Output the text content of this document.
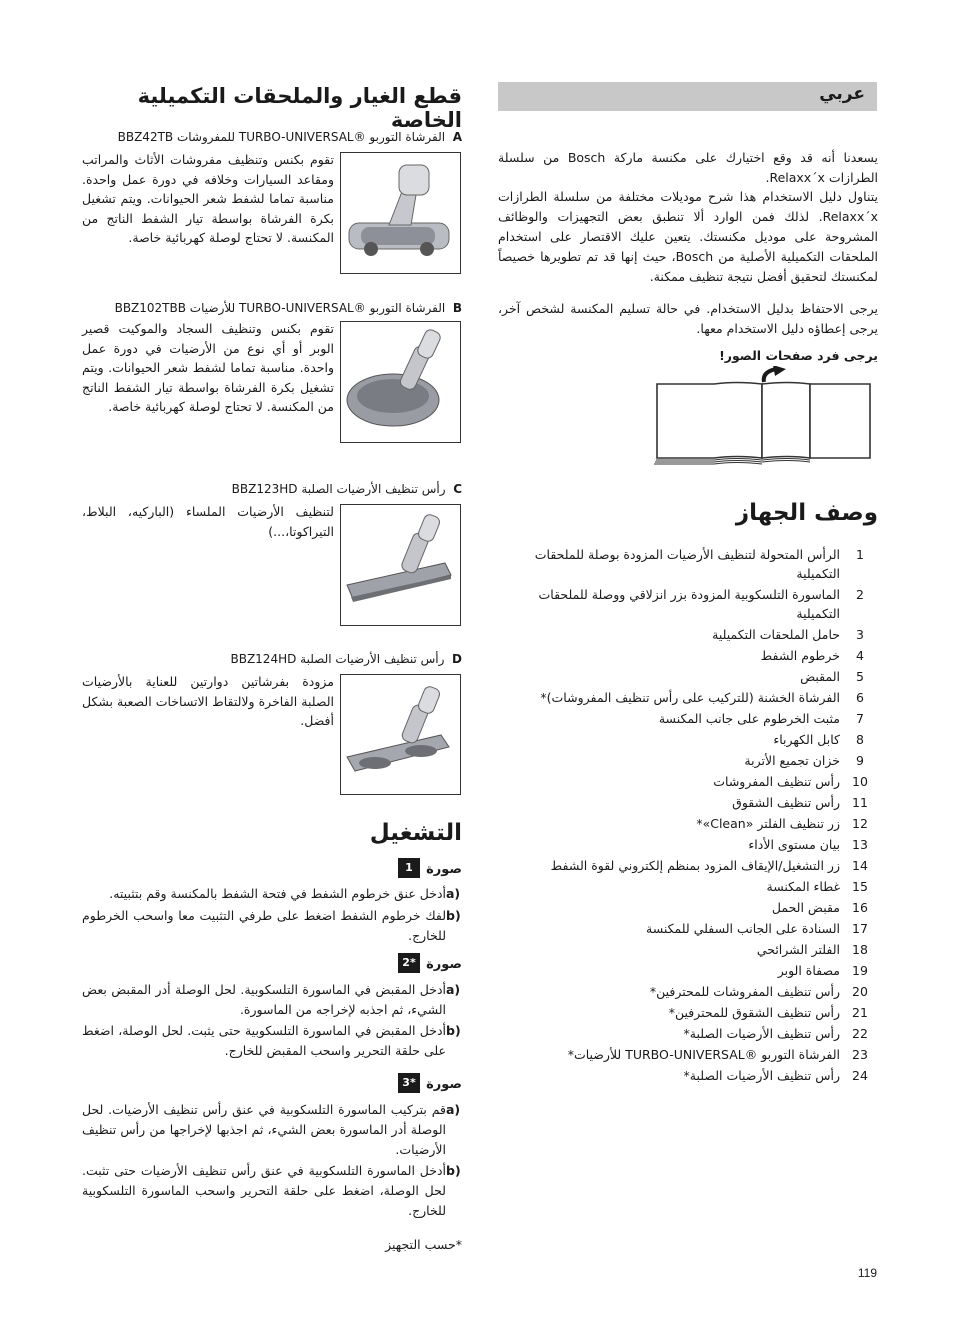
عربي
يسعدنا أنه قد وقع اختيارك على مكنسة ماركة Bosch من سلسلة الطرازات Relaxx´x.
يتناول دليل الاستخدام هذا شرح موديلات مختلفة من سلسلة الطرازات Relaxx´x. لذلك فمن الوارد ألا تنطبق بعض التجهيزات والوظائف المشروحة على موديل مكنستك. يتعين عليك الاقتصار على استخدام الملحقات التكميلية الأصلية من Bosch، حيث إنها قد تم تطويرها خصيصاً لمكنستك لتحقيق أفضل نتيجة تنظيف ممكنة.
يرجى الاحتفاظ بدليل الاستخدام. في حالة تسليم المكنسة لشخص آخر، يرجى إعطاؤه دليل الاستخدام معها.
يرجى فرد صفحات الصور!
وصف الجهاز
1
الرأس المتحولة لتنظيف الأرضيات المزودة بوصلة للملحقات التكميلية
2
الماسورة التلسكوبية المزودة بزر انزلاقي ووصلة للملحقات التكميلية
3
حامل الملحقات التكميلية
4
خرطوم الشفط
5
المقبض
6
الفرشاة الخشنة (للتركيب على رأس تنظيف المفروشات)*
7
مثبت الخرطوم على جانب المكنسة
8
كابل الكهرباء
9
خزان تجميع الأتربة
10
رأس تنظيف المفروشات
11
رأس تنظيف الشقوق
12
زر تنظيف الفلتر «Clean»*
13
بيان مستوى الأداء
14
زر التشغيل/الإيقاف المزود بمنظم إلكتروني لقوة الشفط
15
غطاء المكنسة
16
مقبض الحمل
17
السنادة على الجانب السفلي للمكنسة
18
الفلتر الشرائحي
19
مصفاة الوبر
20
رأس تنظيف المفروشات للمحترفين*
21
رأس تنظيف الشقوق للمحترفين*
22
رأس تنظيف الأرضيات الصلبة*
23
الفرشاة التوربو ®TURBO-UNIVERSAL للأرضيات*
24
رأس تنظيف الأرضيات الصلبة*
قطع الغيار والملحقات التكميلية الخاصة
A  الفرشاة التوربو ®TURBO-UNIVERSAL للمفروشات BBZ42TB
تقوم بكنس وتنظيف مفروشات الأثاث والمراتب ومقاعد السيارات وخلافه في دورة عمل واحدة. مناسبة تماما لشفط شعر الحيوانات. ويتم تشغيل بكرة الفرشاة بواسطة تيار الشفط الناتج من المكنسة. لا تحتاج لوصلة كهربائية خاصة.
B  الفرشاة التوربو ®TURBO-UNIVERSAL للأرضيات BBZ102TBB
تقوم بكنس وتنظيف السجاد والموكيت قصير الوبر أو أي نوع من الأرضيات في دورة عمل واحدة. مناسبة تماما لشفط شعر الحيوانات. ويتم تشغيل بكرة الفرشاة بواسطة تيار الشفط الناتج من المكنسة. لا تحتاج لوصلة كهربائية خاصة.
C  رأس تنظيف الأرضيات الصلبة BBZ123HD
لتنظيف الأرضيات الملساء (الباركيه، البلاط، التيراكوتا،...)
D  رأس تنظيف الأرضيات الصلبة BBZ124HD
مزودة بفرشاتين دوارتين للعناية بالأرضيات الصلبة الفاخرة ولالتقاط الاتساخات الصعبة بشكل أفضل.
التشغيل
صورة
1
a)
أدخل عنق خرطوم الشفط في فتحة الشفط بالمكنسة وقم بتثبيته.
b)
لفك خرطوم الشفط اضغط على طرفي التثبيت معا واسحب الخرطوم للخارج.
صورة
2*
a)
أدخل المقبض في الماسورة التلسكوبية. لحل الوصلة أدر المقبض بعض الشيء، ثم اجذبه لإخراجه من الماسورة.
b)
أدخل المقبض في الماسورة التلسكوبية حتى يثبت. لحل الوصلة، اضغط على حلقة التحرير واسحب المقبض للخارج.
صورة
3*
a)
قم بتركيب الماسورة التلسكوبية في عنق رأس تنظيف الأرضيات. لحل الوصلة أدر الماسورة بعض الشيء، ثم اجذبها لإخراجها من رأس تنظيف الأرضيات.
b)
أدخل الماسورة التلسكوبية في عنق رأس تنظيف الأرضيات حتى تثبت. لحل الوصلة، اضغط على حلقة التحرير واسحب الماسورة التلسكوبية للخارج.
*حسب التجهيز
119
